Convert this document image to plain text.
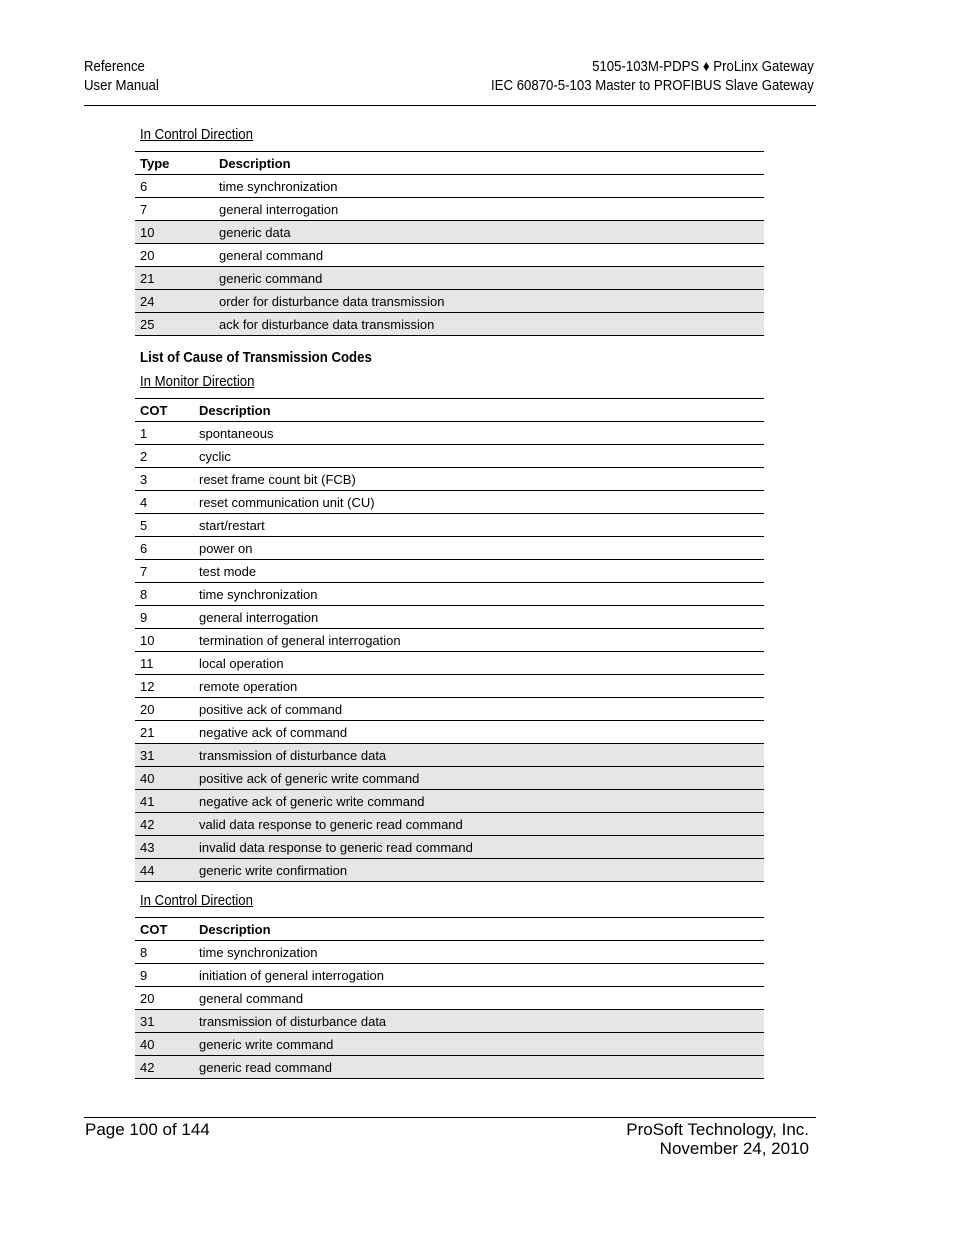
Reference
User Manual
5105-103M-PDPS ♦ ProLinx Gateway
IEC 60870-5-103 Master to PROFIBUS Slave Gateway
In Control Direction
Type	Description
6	time synchronization
7	general interrogation
10	generic data
20	general command
21	generic command
24	order for disturbance data transmission
25	ack for disturbance data transmission
List of Cause of Transmission Codes
In Monitor Direction
COT	Description
1	spontaneous
2	cyclic
3	reset frame count bit (FCB)
4	reset communication unit (CU)
5	start/restart
6	power on
7	test mode
8	time synchronization
9	general interrogation
10	termination of general interrogation
11	local operation
12	remote operation
20	positive ack of command
21	negative ack of command
31	transmission of disturbance data
40	positive ack of generic write command
41	negative ack of generic write command
42	valid data response to generic read command
43	invalid data response to generic read command
44	generic write confirmation
In Control Direction
COT	Description
8	time synchronization
9	initiation of general interrogation
20	general command
31	transmission of disturbance data
40	generic write command
42	generic read command
Page 100 of 144	ProSoft Technology, Inc.
November 24, 2010
